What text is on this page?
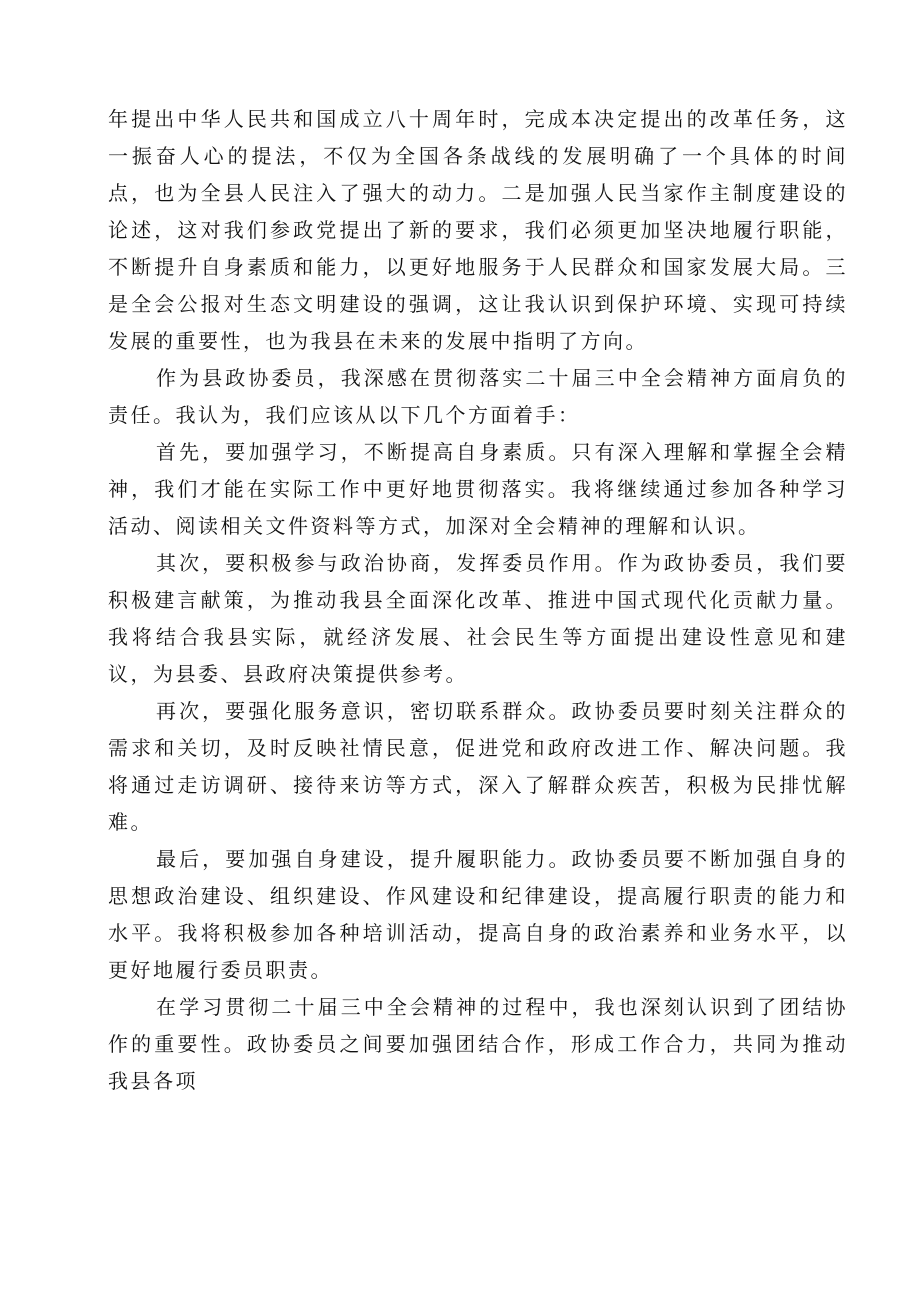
年提出中华人民共和国成立八十周年时，完成本决定提出的改革任务，这一振奋人心的提法，不仅为全国各条战线的发展明确了一个具体的时间点，也为全县人民注入了强大的动力。二是加强人民当家作主制度建设的论述，这对我们参政党提出了新的要求，我们必须更加坚决地履行职能，不断提升自身素质和能力，以更好地服务于人民群众和国家发展大局。三是全会公报对生态文明建设的强调，这让我认识到保护环境、实现可持续发展的重要性，也为我县在未来的发展中指明了方向。

作为县政协委员，我深感在贯彻落实二十届三中全会精神方面肩负的责任。我认为，我们应该从以下几个方面着手：

首先，要加强学习，不断提高自身素质。只有深入理解和掌握全会精神，我们才能在实际工作中更好地贯彻落实。我将继续通过参加各种学习活动、阅读相关文件资料等方式，加深对全会精神的理解和认识。

其次，要积极参与政治协商，发挥委员作用。作为政协委员，我们要积极建言献策，为推动我县全面深化改革、推进中国式现代化贡献力量。我将结合我县实际，就经济发展、社会民生等方面提出建设性意见和建议，为县委、县政府决策提供参考。

再次，要强化服务意识，密切联系群众。政协委员要时刻关注群众的需求和关切，及时反映社情民意，促进党和政府改进工作、解决问题。我将通过走访调研、接待来访等方式，深入了解群众疾苦，积极为民排忧解难。

最后，要加强自身建设，提升履职能力。政协委员要不断加强自身的思想政治建设、组织建设、作风建设和纪律建设，提高履行职责的能力和水平。我将积极参加各种培训活动，提高自身的政治素养和业务水平，以更好地履行委员职责。

在学习贯彻二十届三中全会精神的过程中，我也深刻认识到了团结协作的重要性。政协委员之间要加强团结合作，形成工作合力，共同为推动我县各项
